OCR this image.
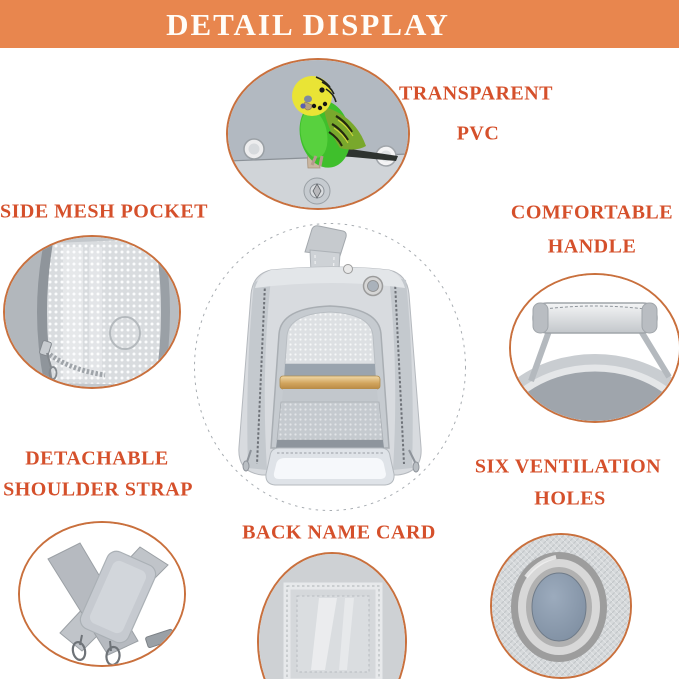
DETAIL DISPLAY
TRANSPARENT
PVC
SIDE MESH POCKET	COMFORTABLE
HANDLE
DETACHABLE
SHOULDER STRAP
SIX VENTILATION
HOLES
BACK NAME CARD
